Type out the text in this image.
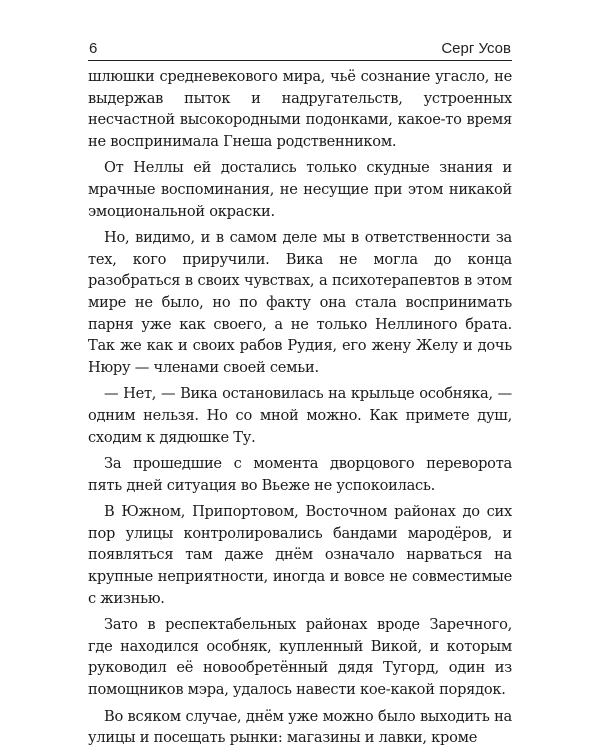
6	Серг Усов

шлюшки средневекового мира, чьё сознание угасло, не выдержав пыток и надругательств, устроенных несчастной высокородными подонками, какое-то время не воспринимала Гнеша родственником.

От Неллы ей достались только скудные знания и мрачные воспоминания, не несущие при этом никакой эмоциональной окраски.

Но, видимо, и в самом деле мы в ответственности за тех, кого приручили. Вика не могла до конца разобраться в своих чувствах, а психотерапевтов в этом мире не было, но по факту она стала воспринимать парня уже как своего, а не только Неллиного брата. Так же как и своих рабов Рудия, его жену Желу и дочь Нюру — членами своей семьи.

— Нет, — Вика остановилась на крыльце особняка, — одним нельзя. Но со мной можно. Как примете душ, сходим к дядюшке Ту.

За прошедшие с момента дворцового переворота пять дней ситуация во Вьеже не успокоилась.

В Южном, Припортовом, Восточном районах до сих пор улицы контролировались бандами мародёров, и появляться там даже днём означало нарваться на крупные неприятности, иногда и вовсе не совместимые с жизнью.

Зато в респектабельных районах вроде Заречного, где находился особняк, купленный Викой, и которым руководил её новообретённый дядя Тугорд, один из помощников мэра, удалось навести кое-какой порядок.

Во всяком случае, днём уже можно было выходить на улицы и посещать рынки: магазины и лавки, кроме
